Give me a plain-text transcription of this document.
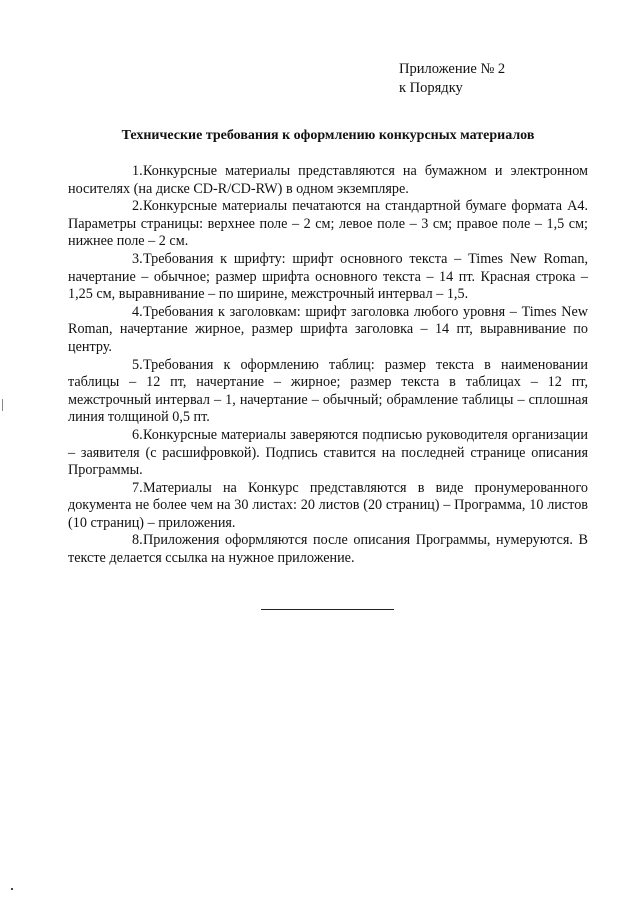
Приложение № 2
к Порядку
Технические требования к оформлению конкурсных материалов

1.Конкурсные материалы представляются на бумажном и электронном носителях (на диске CD-R/CD-RW) в одном экземпляре.

2.Конкурсные материалы печатаются на стандартной бумаге формата А4. Параметры страницы: верхнее поле – 2 см; левое поле – 3 см; правое поле – 1,5 см; нижнее поле – 2 см.

3.Требования к шрифту: шрифт основного текста – Times New Roman, начертание – обычное; размер шрифта основного текста – 14 пт. Красная строка – 1,25 см, выравнивание – по ширине, межстрочный интервал – 1,5.

4.Требования к заголовкам: шрифт заголовка любого уровня – Times New Roman, начертание жирное, размер шрифта заголовка – 14 пт, выравнивание по центру.

5.Требования к оформлению таблиц: размер текста в наименовании таблицы – 12 пт, начертание – жирное; размер текста в таблицах – 12 пт, межстрочный интервал – 1, начертание – обычный; обрамление таблицы – сплошная линия толщиной 0,5 пт.

6.Конкурсные материалы заверяются подписью руководителя организации – заявителя (с расшифровкой). Подпись ставится на последней странице описания Программы.

7.Материалы на Конкурс представляются в виде пронумерованного документа не более чем на 30 листах: 20 листов (20 страниц) – Программа, 10 листов (10 страниц) – приложения.

8.Приложения оформляются после описания Программы, нумеруются. В тексте делается ссылка на нужное приложение.
